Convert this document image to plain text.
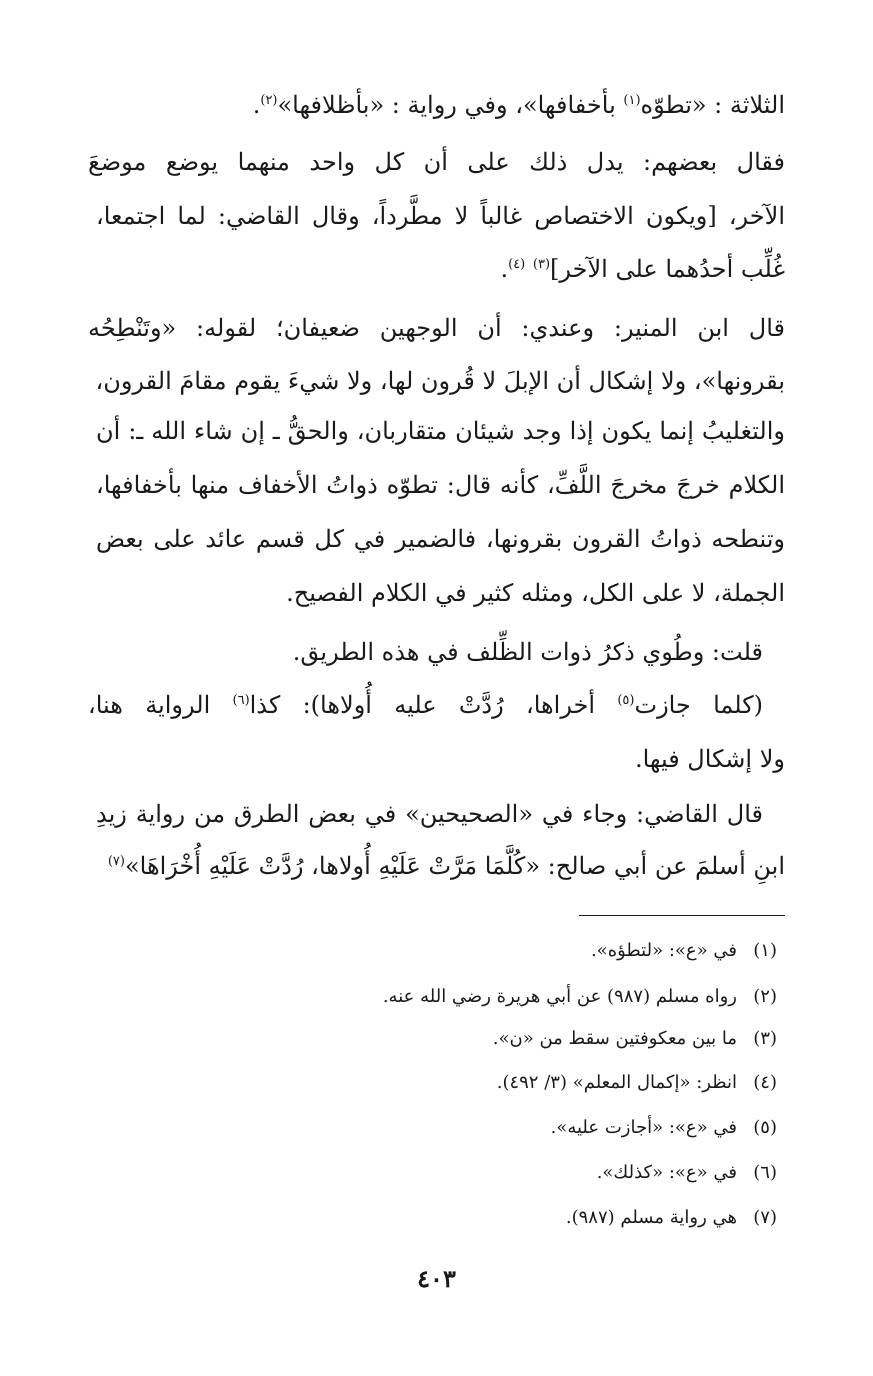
الثلاثة : «تطوّه$^{(١)}$ بأخفافها»، وفي رواية : «بأظلافها»$^{(٢)}$.
فقال بعضهم: يدل ذلك على أن كل واحد منهما يوضع موضعَ
الآخر، [ويكون الاختصاص غالباً لا مطَّرداً، وقال القاضي: لما اجتمعا،
غُلِّب أحدُهما على الآخر]$^{(٣)}$ $^{(٤)}$.
قال ابن المنير: وعندي: أن الوجهين ضعيفان؛ لقوله: «وتَنْطِحُه
بقرونها»، ولا إشكال أن الإبلَ لا قُرون لها، ولا شيءَ يقوم مقامَ القرون،
والتغليبُ إنما يكون إذا وجد شيئان متقاربان، والحقُّ ـ إن شاء الله ـ: أن
الكلام خرجَ مخرجَ اللَّفِّ، كأنه قال: تطوّه ذواتُ الأخفاف منها بأخفافها،
وتنطحه ذواتُ القرون بقرونها، فالضمير في كل قسم عائد على بعض
الجملة، لا على الكل، ومثله كثير في الكلام الفصيح.
قلت: وطُوي ذكرُ ذوات الظِّلف في هذه الطريق.
(كلما جازت$^{(٥)}$ أخراها، رُدَّتْ عليه أُولاها): كذا$^{(٦)}$ الرواية هنا،
ولا إشكال فيها.
قال القاضي: وجاء في «الصحيحين» في بعض الطرق من رواية زيدِ
ابنِ أسلمَ عن أبي صالح: «كُلَّمَا مَرَّتْ عَلَيْهِ أُولاها، رُدَّتْ عَلَيْهِ أُخْرَاهَا»$^{(٧)}$
(١)
في «ع»: «لتطؤه».
(٢)
رواه مسلم (٩٨٧) عن أبي هريرة رضي الله عنه.
(٣)
ما بين معكوفتين سقط من «ن».
(٤)
انظر: «إكمال المعلم» (٣/ ٤٩٢).
(٥)
في «ع»: «أجازت عليه».
(٦)
في «ع»: «كذلك».
(٧)
هي رواية مسلم (٩٨٧).
٤٠٣
